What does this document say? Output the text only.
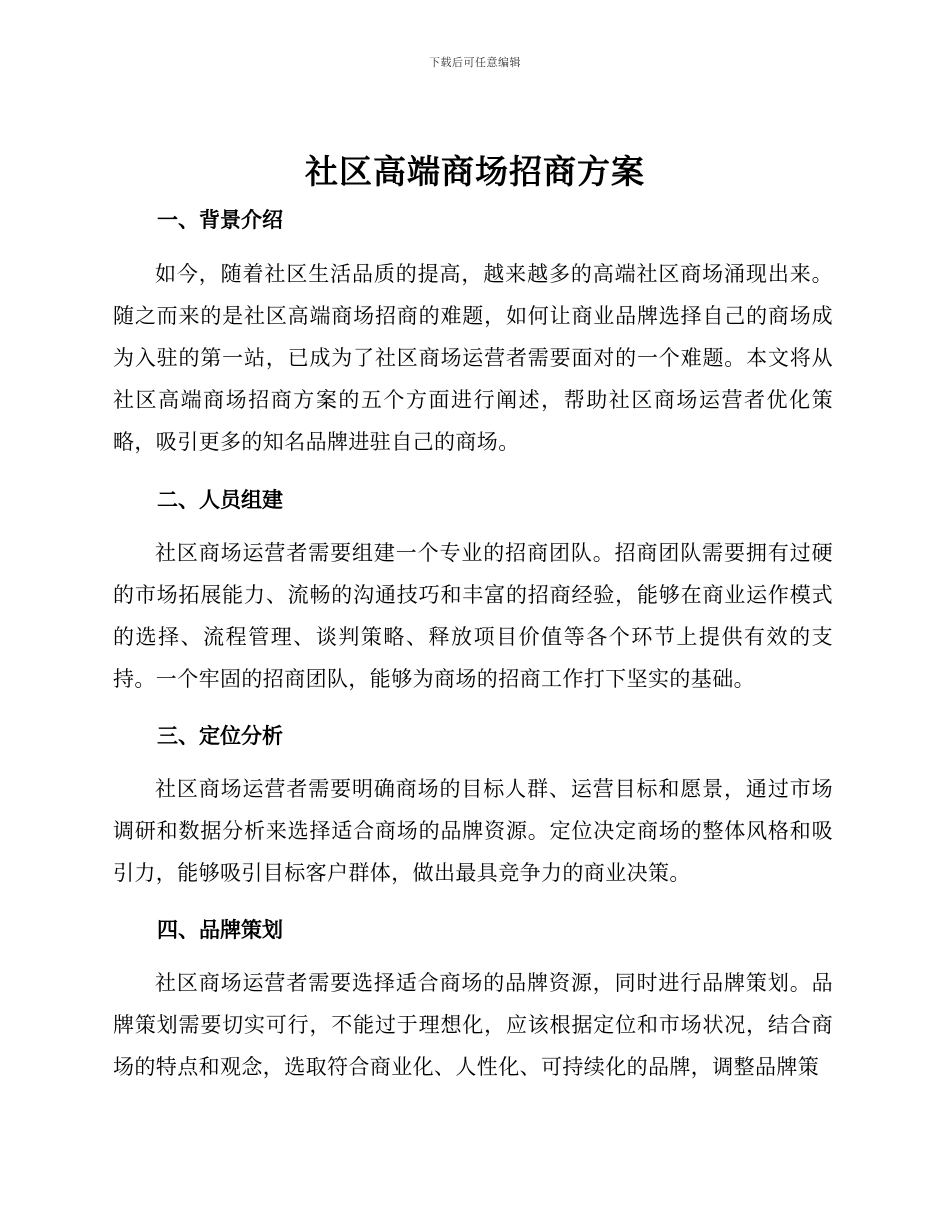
下载后可任意编辑
社区高端商场招商方案
一、背景介绍

如今，随着社区生活品质的提高，越来越多的高端社区商场涌现出来。随之而来的是社区高端商场招商的难题，如何让商业品牌选择自己的商场成为入驻的第一站，已成为了社区商场运营者需要面对的一个难题。本文将从社区高端商场招商方案的五个方面进行阐述，帮助社区商场运营者优化策略，吸引更多的知名品牌进驻自己的商场。

二、人员组建

社区商场运营者需要组建一个专业的招商团队。招商团队需要拥有过硬的市场拓展能力、流畅的沟通技巧和丰富的招商经验，能够在商业运作模式的选择、流程管理、谈判策略、释放项目价值等各个环节上提供有效的支持。一个牢固的招商团队，能够为商场的招商工作打下坚实的基础。

三、定位分析

社区商场运营者需要明确商场的目标人群、运营目标和愿景，通过市场调研和数据分析来选择适合商场的品牌资源。定位决定商场的整体风格和吸引力，能够吸引目标客户群体，做出最具竞争力的商业决策。

四、品牌策划

社区商场运营者需要选择适合商场的品牌资源，同时进行品牌策划。品牌策划需要切实可行，不能过于理想化，应该根据定位和市场状况，结合商场的特点和观念，选取符合商业化、人性化、可持续化的品牌，调整品牌策
